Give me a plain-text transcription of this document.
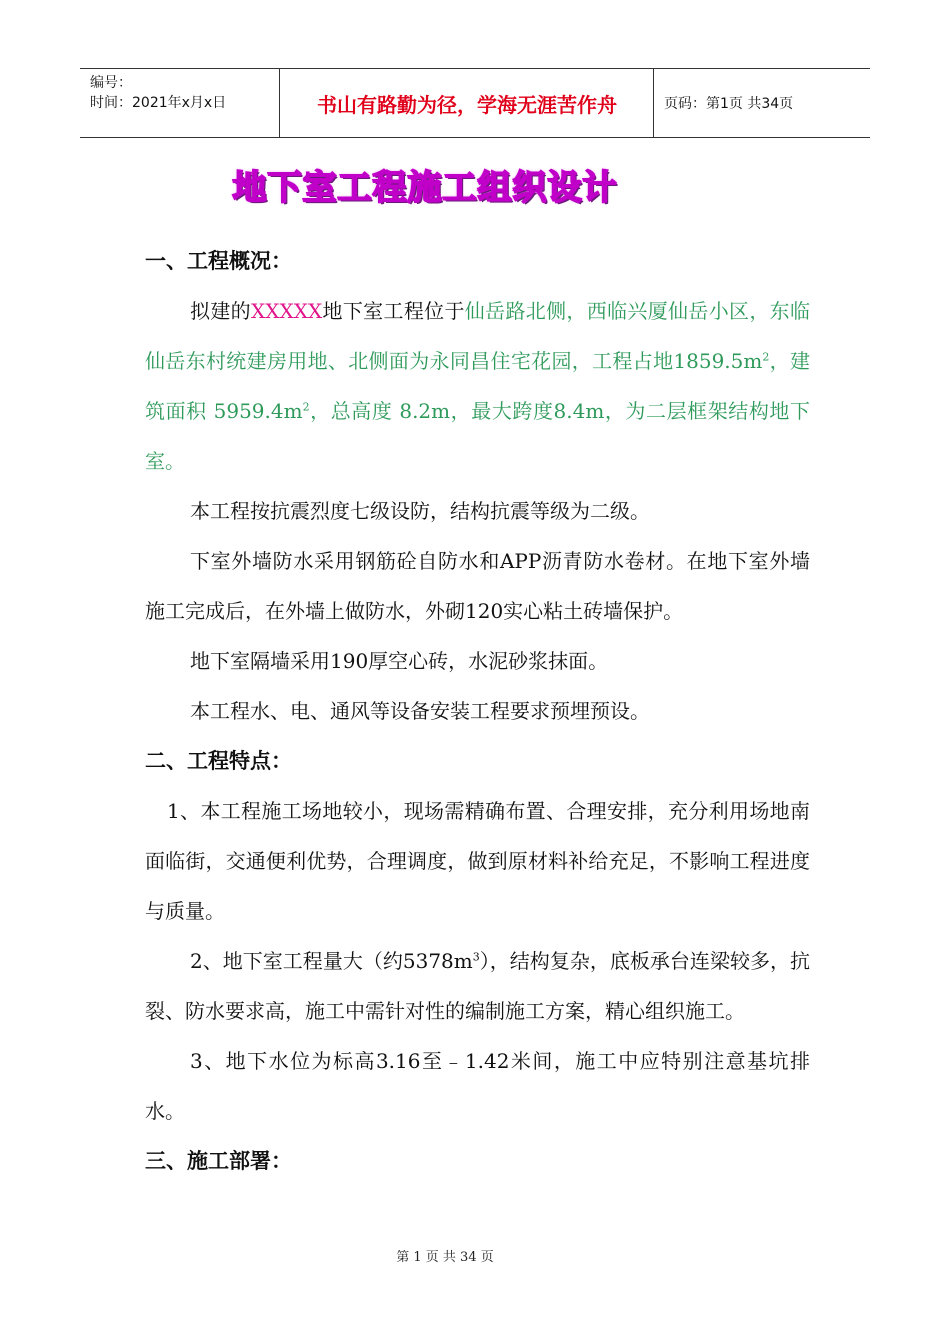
编号：
时间：2021年x月x日	书山有路勤为径，学海无涯苦作舟	页码：第1页 共34页
地下室工程施工组织设计

一、工程概况：

拟建的XXXXX地下室工程位于仙岳路北侧，西临兴厦仙岳小区，东临仙岳东村统建房用地、北侧面为永同昌住宅花园，工程占地$1859.5m^2$，建筑面积 $5959.4m^2$，总高度 8.2m，最大跨度8.4m，为二层框架结构地下室。

本工程按抗震烈度七级设防，结构抗震等级为二级。

下室外墙防水采用钢筋砼自防水和APP沥青防水卷材。在地下室外墙施工完成后，在外墙上做防水，外砌120实心粘土砖墙保护。

地下室隔墙采用190厚空心砖，水泥砂浆抹面。

本工程水、电、通风等设备安装工程要求预埋预设。

二、工程特点：

1、本工程施工场地较小，现场需精确布置、合理安排，充分利用场地南面临街，交通便利优势，合理调度，做到原材料补给充足，不影响工程进度与质量。

2、地下室工程量大（约$5378m^3$），结构复杂，底板承台连梁较多，抗裂、防水要求高，施工中需针对性的编制施工方案，精心组织施工。

3、地下水位为标高3.16至﹣1.42米间，施工中应特别注意基坑排水。

三、施工部署：

第 1 页 共 34 页
